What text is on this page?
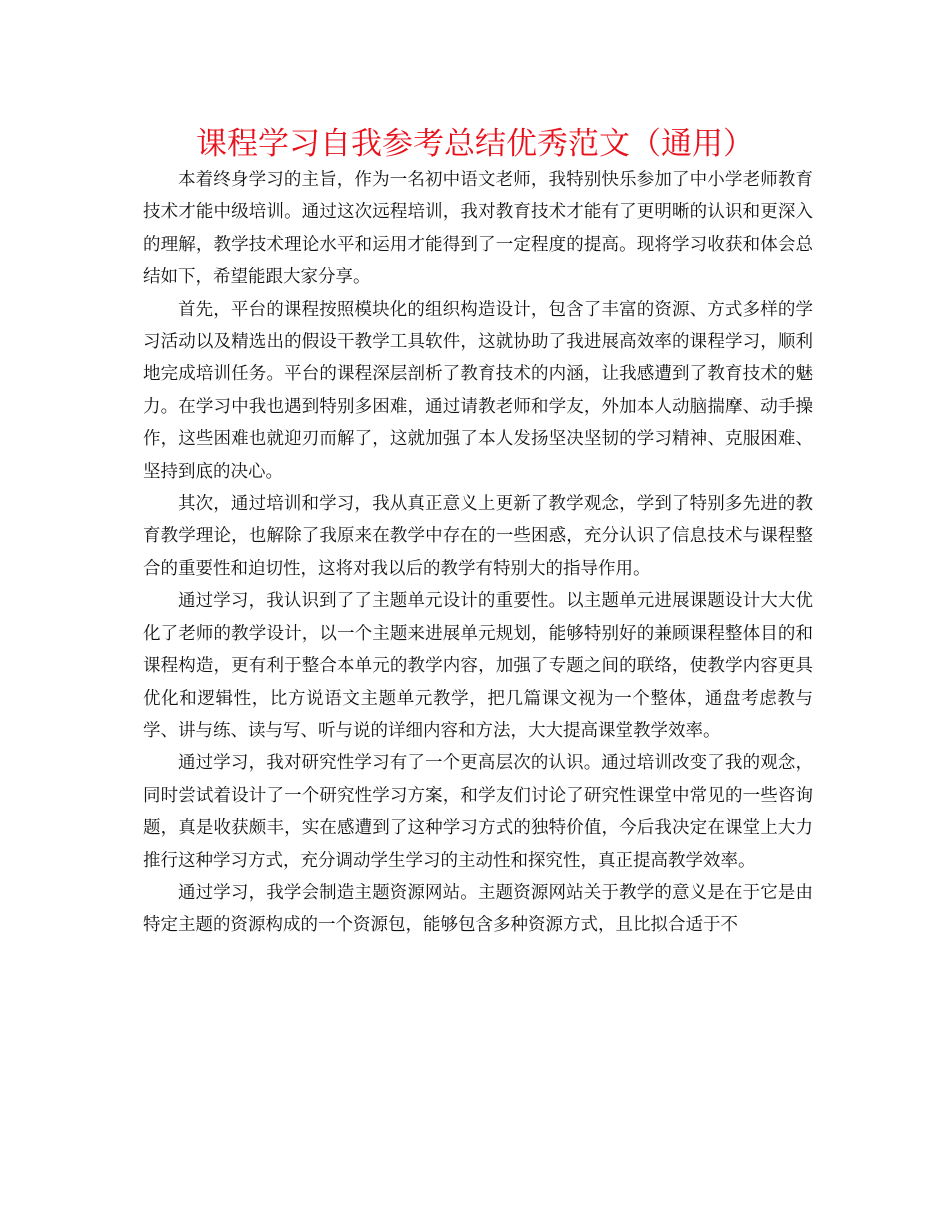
课程学习自我参考总结优秀范文（通用）

本着终身学习的主旨，作为一名初中语文老师，我特别快乐参加了中小学老师教育技术才能中级培训。通过这次远程培训，我对教育技术才能有了更明晰的认识和更深入的理解，教学技术理论水平和运用才能得到了一定程度的提高。现将学习收获和体会总结如下，希望能跟大家分享。

首先，平台的课程按照模块化的组织构造设计，包含了丰富的资源、方式多样的学习活动以及精选出的假设干教学工具软件，这就协助了我进展高效率的课程学习，顺利地完成培训任务。平台的课程深层剖析了教育技术的内涵，让我感遭到了教育技术的魅力。在学习中我也遇到特别多困难，通过请教老师和学友，外加本人动脑揣摩、动手操作，这些困难也就迎刃而解了，这就加强了本人发扬坚决坚韧的学习精神、克服困难、坚持到底的决心。

其次，通过培训和学习，我从真正意义上更新了教学观念，学到了特别多先进的教育教学理论，也解除了我原来在教学中存在的一些困惑，充分认识了信息技术与课程整合的重要性和迫切性，这将对我以后的教学有特别大的指导作用。

通过学习，我认识到了了主题单元设计的重要性。以主题单元进展课题设计大大优化了老师的教学设计，以一个主题来进展单元规划，能够特别好的兼顾课程整体目的和课程构造，更有利于整合本单元的教学内容，加强了专题之间的联络，使教学内容更具优化和逻辑性，比方说语文主题单元教学，把几篇课文视为一个整体，通盘考虑教与学、讲与练、读与写、听与说的详细内容和方法，大大提高课堂教学效率。

通过学习，我对研究性学习有了一个更高层次的认识。通过培训改变了我的观念，同时尝试着设计了一个研究性学习方案，和学友们讨论了研究性课堂中常见的一些咨询题，真是收获颇丰，实在感遭到了这种学习方式的独特价值，今后我决定在课堂上大力推行这种学习方式，充分调动学生学习的主动性和探究性，真正提高教学效率。

通过学习，我学会制造主题资源网站。主题资源网站关于教学的意义是在于它是由特定主题的资源构成的一个资源包，能够包含多种资源方式，且比拟合适于不
